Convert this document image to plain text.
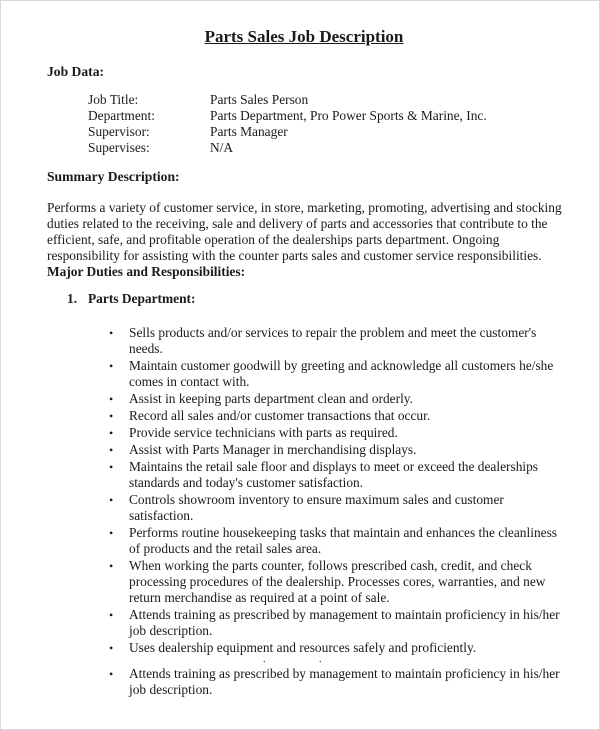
Parts Sales Job Description
Job Data:
Job Title:	Parts Sales Person
Department:	Parts Department, Pro Power Sports & Marine, Inc.
Supervisor:	Parts Manager
Supervises:	N/A
Summary Description:
Performs a variety of customer service, in store, marketing, promoting, advertising and stocking
duties related to the receiving, sale and delivery of parts and accessories that contribute to the
efficient, safe, and profitable operation of the dealerships parts department. Ongoing
responsibility for assisting with the counter parts sales and customer service responsibilities.
Major Duties and Responsibilities:
1. Parts Department:
•	Sells products and/or services to repair the problem and meet the customer's
needs.
•	Maintain customer goodwill by greeting and acknowledge all customers he/she
comes in contact with.
•	Assist in keeping parts department clean and orderly.
•	Record all sales and/or customer transactions that occur.
•	Provide service technicians with parts as required.
•	Assist with Parts Manager in merchandising displays.
•	Maintains the retail sale floor and displays to meet or exceed the dealerships
standards and today's customer satisfaction.
•	Controls showroom inventory to ensure maximum sales and customer
satisfaction.
•	Performs routine housekeeping tasks that maintain and enhances the cleanliness
of products and the retail sales area.
•	When working the parts counter, follows prescribed cash, credit, and check
processing procedures of the dealership. Processes cores, warranties, and new
return merchandise as required at a point of sale.
•	Attends training as prescribed by management to maintain proficiency in his/her
job description.
•	Uses dealership equipment and resources safely and proficiently.
•	Attends training as prescribed by management to maintain proficiency in his/her
job description.
.	.
